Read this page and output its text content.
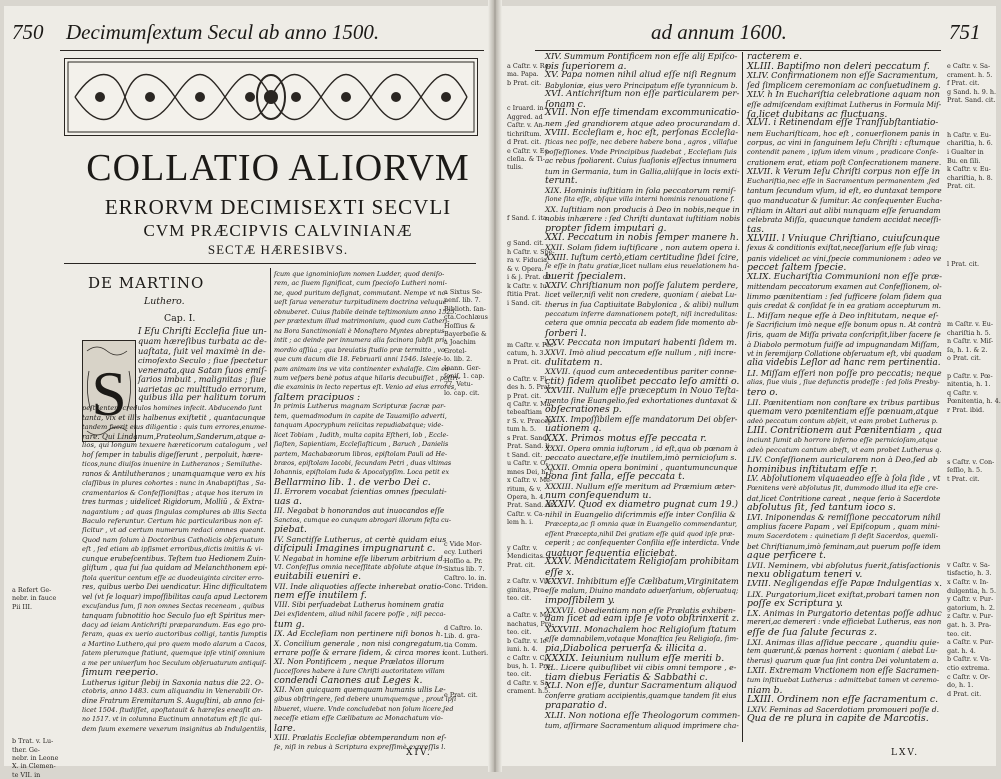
750 Decimumſextum Secul ab anno 1500.
COLLATIO ALIORVM
ERRORVM DECIMISEXTI SECVLI
CVM PRÆCIPVIS CALVINIANÆ
SECTÆ HÆRESIBVS.
DE MARTINO
Luthero.
Cap. I.
S
I Eſu Chriſti Eccleſia ſiue un-
quam hæreſibus turbata ac de-
uaſtata, ſuit vel maximè in de-
cimoſexto Seculo ; ſiue ſpectetur
venenata,qua Satan ſuos emiſ-
ſarios imbuit , malignitas ; ſiue
uarietas ac multitudo errorum,
quibus illa per halitum torum
peſtilentem credulos homines infecit. Abducendo ſunt
tanta, vix et illis halbenus exiſtetit , quantacunque
tandem fuerit eius diligentia : quis tum errores,enume-
rare. Qui Lindanum,Prateolum,Sanderum,atque a-
lios, qui longum texuere hæreticorum catalogum , vel
hoſ ſemper in tabulis digeſſerunt , perpoluit, hære-
ticos,nunc diuiſos inuenire in Lutheranos ; Semiluthe-
ranos & Antilutheranos ; unamquamque vero ex his
claſſibus in plures cohortes : nunc in Anabaptiſtas , Sa-
cramentarios & Confeſſioniſtas ; atque hos iterum in
tres turmas ; uidelicet Rigidorum, Molliũ , & Extra-
nagantium ; ad quas ſingulas complures ab illis Secta
Baculo referuntur. Certum hic particularibus non eſ-
ſicitur , vt ad certum numerum redaci omnes queant.
Quod nam ſolum à Doctoribus Catholicis obſeruatum
eſt , ſed etiam ab ipſismet erroribus,dictis imitiis & vi-
cunque erubeſcentibus. Teſtem tuo Hedionem Zuin-
gliſtum , qua ſui ſua quidam ad Melanchthonem epi-
ſtola queritur centum eſſe ac duodeuiginta circiter erro-
res, quibus uerbo Dei uendicatur. Hinc difficultatem
vel (vt ſe loquar) impoſſibilitas cauſa apud Lectorem
excuſandus ſum, ſi non omnes Sectas receneam , quibus
tanquam ſubnotitio hoc Seculo ſuo eſt Spiritus mer-
dacy ad ieiam Antichriſti præparandum. Eas ego pro-
feram, quas ex uerio auctoribus colligi, tantis ſumptis
a Martino Luthero,qui pro quem modo alarum a Cacos,
ſatem plerumque ſtatiunt, quemque ipſe vtiniſ omnium
a me per uniuerſum hoc Seculum obſeruaturum antiquiſ-
ſimum reeperio.
Lutherus igitur ſlebij in Saxonia natus die 22. O-
ctobris, anno 1483. cum aliquandiu in Venerabili Or-
dine Fratrum Eremitarum S. Auguſtini, ab anno ſci-
licet 1504. ſtudiſſet, apoſtatauit & hæreſes eneaſit an-
no 1517. vt in columna Euctinum annotatum eſt ſic qui-
dem ſuum exemere vexerum insignitus ab Indulgentiis,
ſcum que ignominioſum nomen Ludder, quod deniſo-
rem, ac ſiuem ſignificat, cum ſpecioſo Lutheri nomi-
ne, quod puritum deſignat, commutant. Nempe vt no-
ueſt ſarua veneratur turpitudinem doctrina veluque
obnuberet. Cuius ſtabile deinde teſtimonium anno 1525.
per prætextum illud matrimonium, quod cum Catheri-
na Bora Sanctimoniali è Monaſtero Myntes abreptus
intit ; ac deinde per innumera alia facinora ſubſit pri-
mordio aſſiùa ; qua breuiatis ſtudio præ termitto , vo-
que cum dacum die 18. Februarii anni 1546. Isleeje-
pam animam ins ve vita continenter exhalaſſe. Cim ea-
num veſpers benè potus atque hilaris decubuiſſet , poſtri-
die examinis in lecto repertus eſt. Venio ad eius errores,
ſaltem pracipuos :
In primis Lutherus magnam Scripturæ ſacræ par-
tem, quemadmodum in capite de Tauamiſio adverti,
tanquam Apocryphum reiicitas repudiabatque; vide-
licet Tobiam , Iudith, multa capita Eſtheri, lob , Eccle-
ſiaſten, Sapientiam, Eccleſiaſticum , Baruch , Danielis
partem, Machabæorum libros, epiſtolam Pauli ad He-
bræos, epiſtolam Iacobi, ſecundam Petri , duas vltimas
Iohannis, epiſtolam Iuda & Apocalypſim. Loca petit ex
Bellarmino lib. 1. de verbo Dei c.
II. Errorem vocabat ſcientias omnes ſpeculati-
uas a.
III. Negabat b honorandos aut inuocandos eſſe
Sanctos, cumque eo cunqum abrogari illorum feſta cu-
piebat.
IV. Sanctiſſe Lutherus, at certè quidam eius
diſcipuli Imagines impugnarunt c.
V. Negabat in homine eſſe liberum arbitrium d.
VI. Conſeſſus omnia neceſſitate abſolute atque in-
euitabili eueniri e.
VII. Inde aliquoties aſſecte inherebat oratio-
nem eſſe inutilem f.
VIII. Sibi perſuadebat Lutherus hominem gratia
Dei exſidentem, aliud nihil facere poſſe , niſi pecca-
tum g.
IX. Ad Eccleſiam non pertinere niſi bonos h.
X. Concilium generale , non nisi congregatum,
errare poſſe & errare ſidem, & circa mores i.
XI. Non Pontificem , neque Prælatos illorum
ſucceſſores habere à Iure Chriſti auctoritatem villam
condendi Canones aut Leges k.
XII. Non quicquam quemquam humanis ullis Le-
gibus obſtringere, ſed debere unumquemque , prout ipſi
libueret, viuere. Vnde concludebat non ſolum licere,ſed
neceſſe etiam eſſe Cælibatum ac Monachatum vio-
lare.
XIII. Prælatis Eccleſiæ obtemperandum non eſ-
ſe, niſi in rebus à Scriptura expreſſimè expreſſis l.
a Refert Ge-
nebr. in fauce
Pii III.
b Trat. v. Lu-
ther. Ge-
nebr. in Leone
X. in Clemen-
te VII. in
a Sixtus Se-
nenſ. lib. 7.
Biblioth. ſan-
cta.Cochlæus
Hoſſius &
Bayerbeſie &
à Joachim
Grotel-
lo. lib. 2.
Ioann. Ger-
ſoniſ. 1. cap.
27. Vetu-
lo. cap. cit.
c Vide Mor-
ecy. Lutheri
Hoſſio a. Pr.
Sixtus lib. 7.
Caſtro. lo. in.
Conc. Triden.
d Caſtro. lo.
Lib. d. gra-
tia Comm.
cont. Lutheri.
e Prat. cit.
XIV.
ad annum 1600.	751
XIV. Summum Pontificem non eſſe alij Epiſco-
pis ſuperiorem a.
XV. Papa nomen nihil aliud eſſe niſi Regnum
Babyloniæ, eius vero Principatum eſſe tyrannicum b.
XVI. Antichriſtum non eſſe particularem per-
ſonam c.
XVII. Non eſſe timendam excommunicatio-
nem ,ſed grandiorem atque adeo procurandam d.
XVIII. Eccleſiam e, hoc eſt, perſonas Eccleſia-
ſticas nec poſſe, nec debere habere bona , agros , villaſue
poſſeſſiones. Vnde Principibus ſuadebat , Eccleſiam ſuis
ac rebus ſpoliarent. Cuius ſuaſionis eſſectus innumera
tum in Germania, tum in Gallia,aliiſque in locis exti-
terunt.
XIX. Hominis iuſtitiam in ſola peccatorum remiſ-
ſione ſita eſſe, abſque villa interni hominis renouatione f.
XX. Iuſtitiam non producis à Deo in nobis,neque in
nobis inhærere : ſed Chriſti duntaxat iuſtitiam nobis
propter ſidem imputari g.
XXI. Peccatum in nobis ſemper manere h.
XXII. Solam ſidem iuſtiſicare , non autem opera i.
XXIII. Iuſtum certò,etiam certitudine ſidei ſcire,
ſe eſſe in ſtatu gratiæ,licet nullam eius reuelationem ha-
buerit ſpecialem.
XXIV. Chriſtianum non poſſe ſalutem perdere,
licet veller,niſi velit non credere, quoniam ( aiebat Lu-
therus in ſua Captiuitate Babylonica , & alibi) nullum
peccatum inferre damnationem poteſt, niſi incredulitas:
cetera que omnia peccata ab eadem ſide momento ab-
ſorberi l.
XXV. Peccata non imputari habenti ſidem m.
XXVI. Imò aliud peccatum eſſe nullum , niſi incre-
dulitatem n.
XXVII. (quod cum antecedentibus pariter conne-
ctit) ſidem quolibet peccato leſo amitti o.
XXVIII. Nullum eſſe præceptum in Nouo Teſta-
mento ſine Euangelio,ſed exhortationes duntaxat &
obſecrationes p.
XXIX. Impoſſibilem eſſe mandatorum Dei obſer-
uationem q.
XXX. Primos motus eſſe peccata r.
XXXI. Opera omnia iuſtorum , id eſt,qua ob pœnam à
peccato auectare,eſſe inutilem,imò pernicioſum s.
XXXII. Omnia opera bonimini , quantumuncunque
bona ſint falla, eſſe peccata t.
XXXIII. Nullum eſſe meritum ad Præmium æter-
num conſequendum u.
XXXIV. Quod ex diametro pugnat cum 19.)
nihil in Euangelio diſcrimmis eſſe inter Conſilia &
Præcepta,ac ſi omnia quæ in Euangelio commendantur,
eſſent Præcepta,nihil Dei gratiam eſſe quid quod ipſe præ-
ceperit ; ac conſequenter Conſilia eſſe interdicta. Vnde
quatuor ſequentia eliciebat.
XXXV. Mendicitatem Religioſam prohibitam
eſſe x.
XXXVI. Inhibitum eſſe Cælibatum,Virginitatem
eſſe malum, Diuino mandato aduerſarium, obſeruatuq;
impoſſibilem y.
XXXVII. Obedientiam non eſſe Prælatis exhiben-
dam ſicet ad eam ipſe ſe voto obſtrinxerit z.
XXXVIII. Monachalem hoc Religioſum ſtatum
eſſe damnabilem,votaque Monaſtica ſeu Religioſa, ſim-
pia,Diabolica peruerſa & illicita a.
XXXIX. Ieiunium nullum eſſe meriti b.
XL. Licere quibuſlibet vii cibis omni tempore , e-
tiam diebus Feriatis & Sabbathi c.
XLI. Non eſſe, duntur Sacramentum aliquod
conferre gratiam accipientis,quamque tandem ſit eius
praparatio d.
XLII. Non notiona eſſe Theologorum commen-
tum, aſſirmare Sacramentum aliquod imprimere cha-
racterem e.
XLIII. Baptiſmo non deleri peccatum f.
XLIV. Confirmationem non eſſe Sacramentum,
ſed ſimplicem ceremoniam ac conſuetudinem g.
XLV. h In Euchariſtia celebratione aquam non
eſſe admiſcendam exiſtimat Lutherus in Formula Miſ-
ſa,licet dubitans ac fluctuans.
XLVI. i Retinendam eſſe Tranſſubſtantiatio-
nem Euchariſticam, hoc eſt , conuerſionem panis in
corpus, ac vini in ſanguinem Ieſu Chriſti : cſtumque
contendit panem , ipſum idem vinum , pradicare Conſe-
crationem erat, etiam poſt Conſecrationem manere.
XLVII. k Verum Ieſu Chriſti corpus non eſſe in
Euchariſtia,nec eſſe in Sacramentum permanentem ,ſed
tantum ſecundum vſum, id eſt, eo duntaxat tempore
quo manducatur & ſumitur. Ac conſequenter Eucha-
riſtiam in Altari aut alibi nunquam eſſe ſeruandam
celebrata Miſſa, quacunque tandem accidat neceſſi-
tas.
XLVIII. l Vniuque Chriſtiano, cuiuſcunque
ſexus & conditionis exiſtat,neceſſarium eſſe ſub viraq;
panis videlicet ac vini,ſpecie communionem : adeo ve
peccet ſaltem ſpecie.
XLIX. Euchariſtia Communioni non eſſe præ-
mittendam peccatorum examen aut Confeſſionem, ol-
limmo pœnitentiam : ſed ſufficere ſolam ſidem qua
quis credat & conſidat ſe in ea gratiam accepturum m.
L. Miſſam neque eſſe à Deo inſtitutam, neque eſ-
ſe Sacrificium imò neque eſſe bonum opus n. At contrà
ſiris, quam de Miſſa privata conſcripſit,liber facere ſe
à Diabolo permotum fuiſſe ad impugnandam Miſſam,
vt in ſeremijarp Collatione obſeruatum eſt, vbi quadam
alia videbis Leſlor ad hanc rem pertinentia.
LI. Miſſam eſſeri non poſſe pro peccatis; neque
alias, ſiue viuis , ſiue defunctis prodeſſe : ſed ſolis Presby-
tero o.
LII. Pœnitentiam non conſtare ex tribus partibus
quemam vero pœnitentiam eſſe pœnuam,atque
adeò peccatum contum abſeit, vt eam probet Lutherus p.
LIII. Contritionem aut Pœnitentiam , qua
inciunt ſumit ab horrore inferno eſſe pernicioſam,atque
adeò peccatum cantum abeſt, vt eam probet Lutherus q.
LIV. Conſeſſionem auricularem non à Deo,ſed ab
hominibus inſtitutam eſſe r.
LV. Abſolutionem vlquaeadeo eſſe à ſola ſide , vt
Pœnitens verè abſolutus ſit, dummodo illud ita eſſe cre-
dat,licet Contritione careat , neque ſerio à Sacerdote
abſolutus ſit, ſed tantum ioco s.
LVI. Iniponendas & remiſſione peccatorum nihil
amplius facere Papam , vel Epiſcopum , quam mini-
mum Sacerdotem : quinetiam ſi deſit Sacerdos, quemli-
bet Chriſtianum,imò ſeminam,aut puerum poſſe idem
aque perficere t.
LVII. Neminem, vbi abſolutus fuerit,ſatisſactionis
nexu obligatum teneri v.
LVIII. Negligendas eſſe Papæ Indulgentias x.
LIX. Purgatorium,licet exiſtat,probari tamen non
poſſe ex Scriptura y.
LX. Animas in Purgatorio detentas poſſe adhuc
mereri,ac demereri : vnde efficiebat Lutherus, eas non
eſſe de ſua ſalute ſecuras z.
LXI. Animas illas aſſidue peccare , quandiu quie-
tem quærunt,& pœnas horrent : quoniam ( aiebat Lu-
therus) quarum quæ ſua ſint contra Dei voluntatem a.
LXII. Extremam Vnctionem non eſſe Sacramen-
tum inſtituebat Lutherus : admittebat tamen vt ceremo-
niam b.
LXIII. Ordinem non eſſe ſacramentum c.
LXIV. Feminas ad Sacerdotiam promoueri poſſe d.
Qua de re plura in capite de Marcotis.
a Caſtr. v. Ro-
ma. Papa.
b Prat. cit.
c Iruard. in
Aggred. ad
Caſtr. v. An-
tichriſtum.
d Prat. cit.
e Caſtr. v. Ec-
cleſia. & Ti-
tulis.
f Sand. ſ. ita.
g Sand. cit.
h Caſtr. v. Spe-
ra v. Fiducia,
& v. Opera.
i & j. Prat. cit.
k Caſtr. v. Iu-
ſtitia Prat.
i Sand. cit.
m Caſtr. v. Pec-
catum, h. 3.
n Prat. cit.
o Caſtr. v. Fi-
des h. 5. Prat.
p Prat. cit.
q Caſtr. v. Ma-
tebeaſtiam
r S. v. Præcep-
tum h. 5.
s Prat. Sand.
Prat. Sand. li.
t Sand. cit.
u Caſtr. v. O-
mnes Dei, h. r.
x Caſtr. v. Me-
ritum, & v.
Opera, h. 4.
Prat. Sand. cit.
Caſtr. v. Ca-
lem h. i.
y Caſtr. v.
Mendicitas.
Prat. cit.
z Caſtr. v. Vir-
ginitas, Pra-
teo. cit.
a Caſtr. v. Mo-
nachatus, Pra-
teo. cit.
b Caſtr. v. Ie-
iuni. h. 4.
c Caſtr. v. Ci-
bus, h. 1. Pra-
teo. cit.
d Caſtr. v. Sa-
crament. h.5.
e Caſtr. v. Sa-
crament. h. 5.
f Prat. cit.
g Sand. h. 9. h.
Prat. Sand. cit.
h Caſtr. v. Eu-
chariſtia, h. 6.
i Gualter in
Bu. en ſili.
k Caſtr. v. Eu-
chariſtia, h. 8.
Prat. cit.
l Prat. cit.
m Caſtr. v. Eu-
chariſtia h. 5.
n Caſtr. v. Miſ-
ſa, h. 1. & 2.
o Prat. cit.
p Caſtr. v. Pœ-
nitentia, h. 1.
q Caſtr. v.
Pœnitentia, h. 4.
r Prat. ibid.
s Caſtr. v. Con-
ſeſſio, h. 5.
t Prat. cit.
v Caſtr. v. Sa-
tisfactio, h. 3.
x Caſtr. v. In-
dulgentia, h. 5.
y Caſtr. v. Pur-
gatorium, h. 2.
z Caſtr. v. Pur-
gat. h. 3. Pra-
teo. cit.
a Caſtr. v. Pur-
gat. h. 4.
b Caſtr. v. Vn-
ctio extrema.
c Caſtr. v. Or-
do, h. 1.
d Prat. cit.
LXV.
